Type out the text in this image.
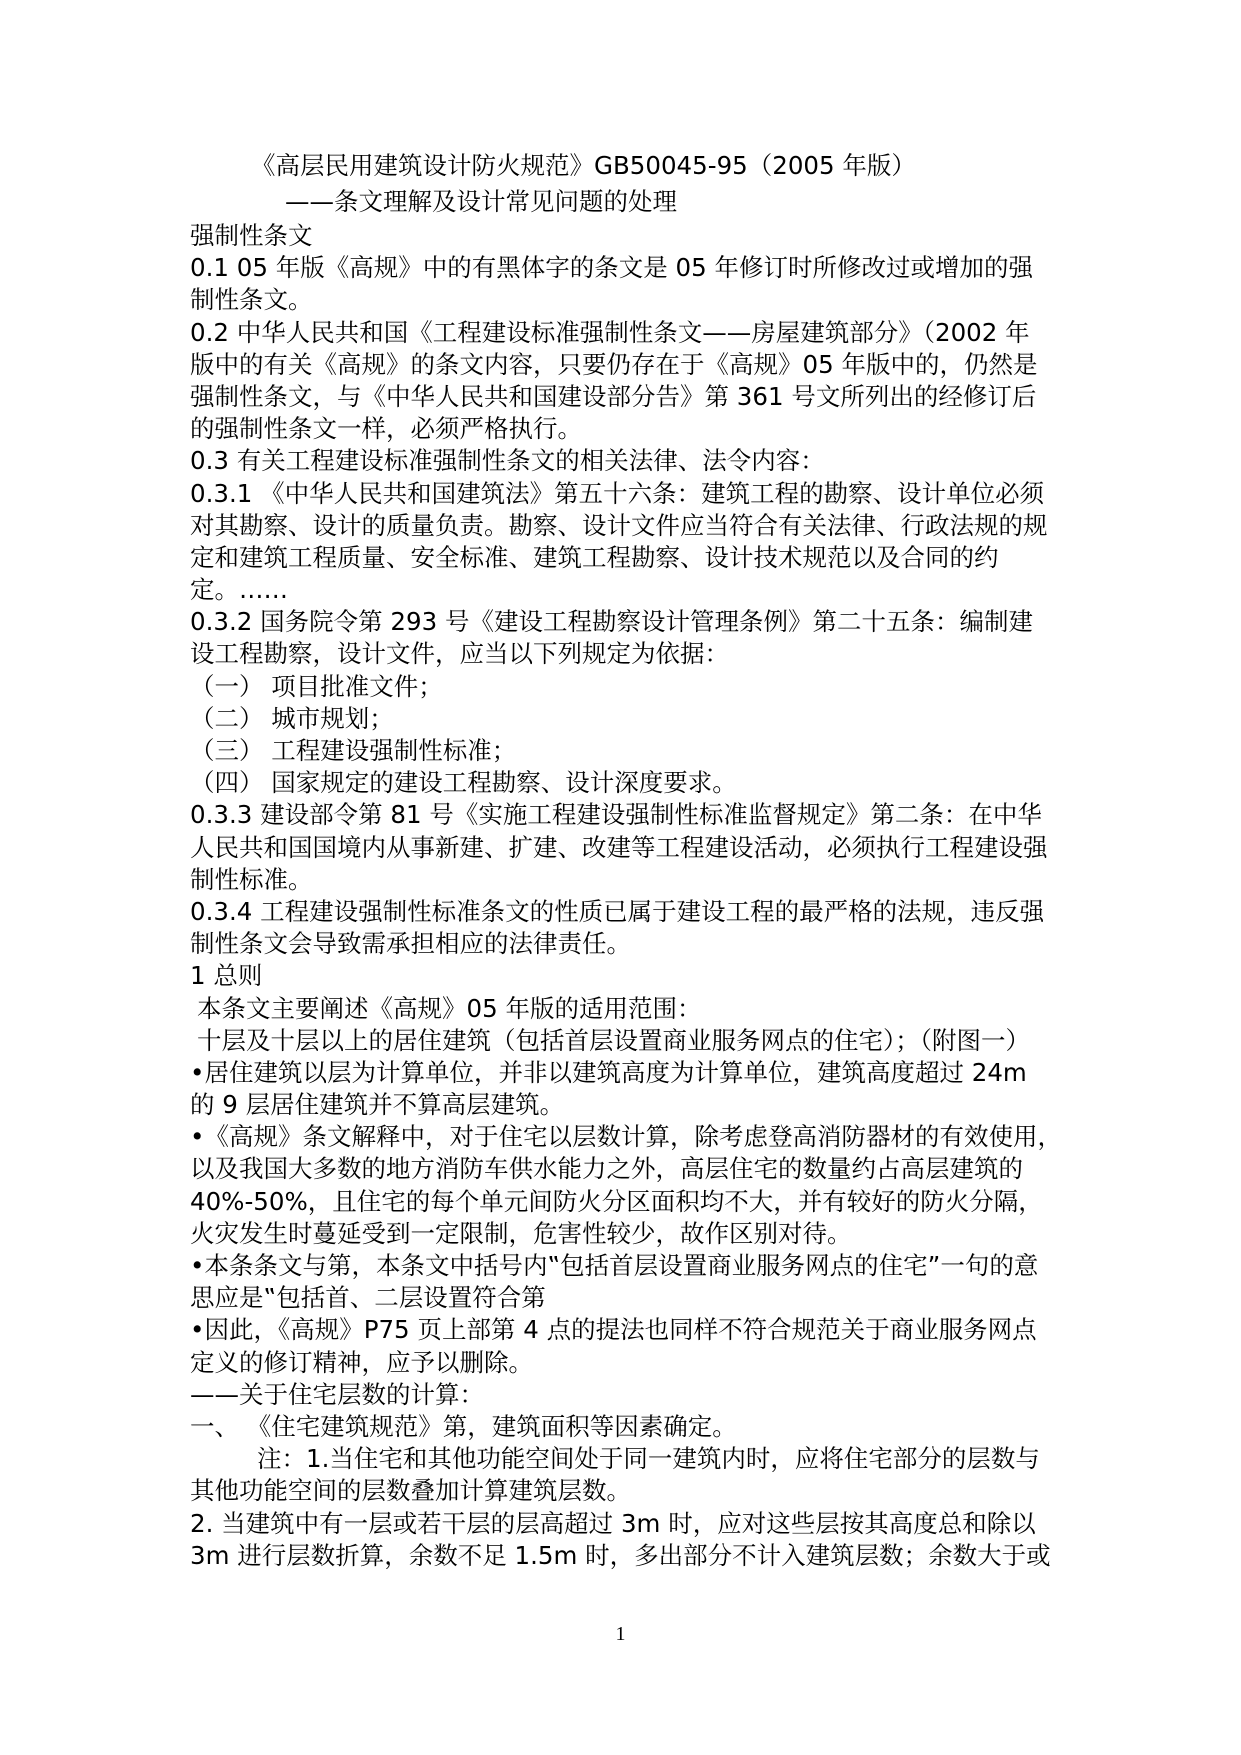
《高层民用建筑设计防火规范》GB50045-95（2005 年版）
——条文理解及设计常见问题的处理
强制性条文
0.1 05 年版《高规》中的有黑体字的条文是 05 年修订时所修改过或增加的强
制性条文。
0.2 中华人民共和国《工程建设标准强制性条文——房屋建筑部分》（2002 年
版中的有关《高规》的条文内容，只要仍存在于《高规》05 年版中的，仍然是
强制性条文，与《中华人民共和国建设部分告》第 361 号文所列出的经修订后
的强制性条文一样，必须严格执行。
0.3 有关工程建设标准强制性条文的相关法律、法令内容：
0.3.1 《中华人民共和国建筑法》第五十六条：建筑工程的勘察、设计单位必须
对其勘察、设计的质量负责。勘察、设计文件应当符合有关法律、行政法规的规
定和建筑工程质量、安全标准、建筑工程勘察、设计技术规范以及合同的约
定。……
0.3.2 国务院令第 293 号《建设工程勘察设计管理条例》第二十五条：编制建
设工程勘察，设计文件，应当以下列规定为依据：
（一） 项目批准文件；
（二） 城市规划；
（三） 工程建设强制性标准；
（四） 国家规定的建设工程勘察、设计深度要求。
0.3.3 建设部令第 81 号《实施工程建设强制性标准监督规定》第二条：在中华
人民共和国国境内从事新建、扩建、改建等工程建设活动，必须执行工程建设强
制性标准。
0.3.4 工程建设强制性标准条文的性质已属于建设工程的最严格的法规，违反强
制性条文会导致需承担相应的法律责任。
1 总则
本条文主要阐述《高规》05 年版的适用范围：
十层及十层以上的居住建筑（包括首层设置商业服务网点的住宅）；（附图一）
•居住建筑以层为计算单位，并非以建筑高度为计算单位，建筑高度超过 24m
的 9 层居住建筑并不算高层建筑。
•《高规》条文解释中，对于住宅以层数计算，除考虑登高消防器材的有效使用，
以及我国大多数的地方消防车供水能力之外，高层住宅的数量约占高层建筑的
40%-50%，且住宅的每个单元间防火分区面积均不大，并有较好的防火分隔，
火灾发生时蔓延受到一定限制，危害性较少，故作区别对待。
•本条条文与第，本条文中括号内‟包括首层设置商业服务网点的住宅”一句的意
思应是‟包括首、二层设置符合第
•因此，《高规》P75 页上部第 4 点的提法也同样不符合规范关于商业服务网点
定义的修订精神，应予以删除。
——关于住宅层数的计算：
一、 《住宅建筑规范》第，建筑面积等因素确定。
注：1.当住宅和其他功能空间处于同一建筑内时，应将住宅部分的层数与
其他功能空间的层数叠加计算建筑层数。
2. 当建筑中有一层或若干层的层高超过 3m 时，应对这些层按其高度总和除以
3m 进行层数折算，余数不足 1.5m 时，多出部分不计入建筑层数；余数大于或
1
